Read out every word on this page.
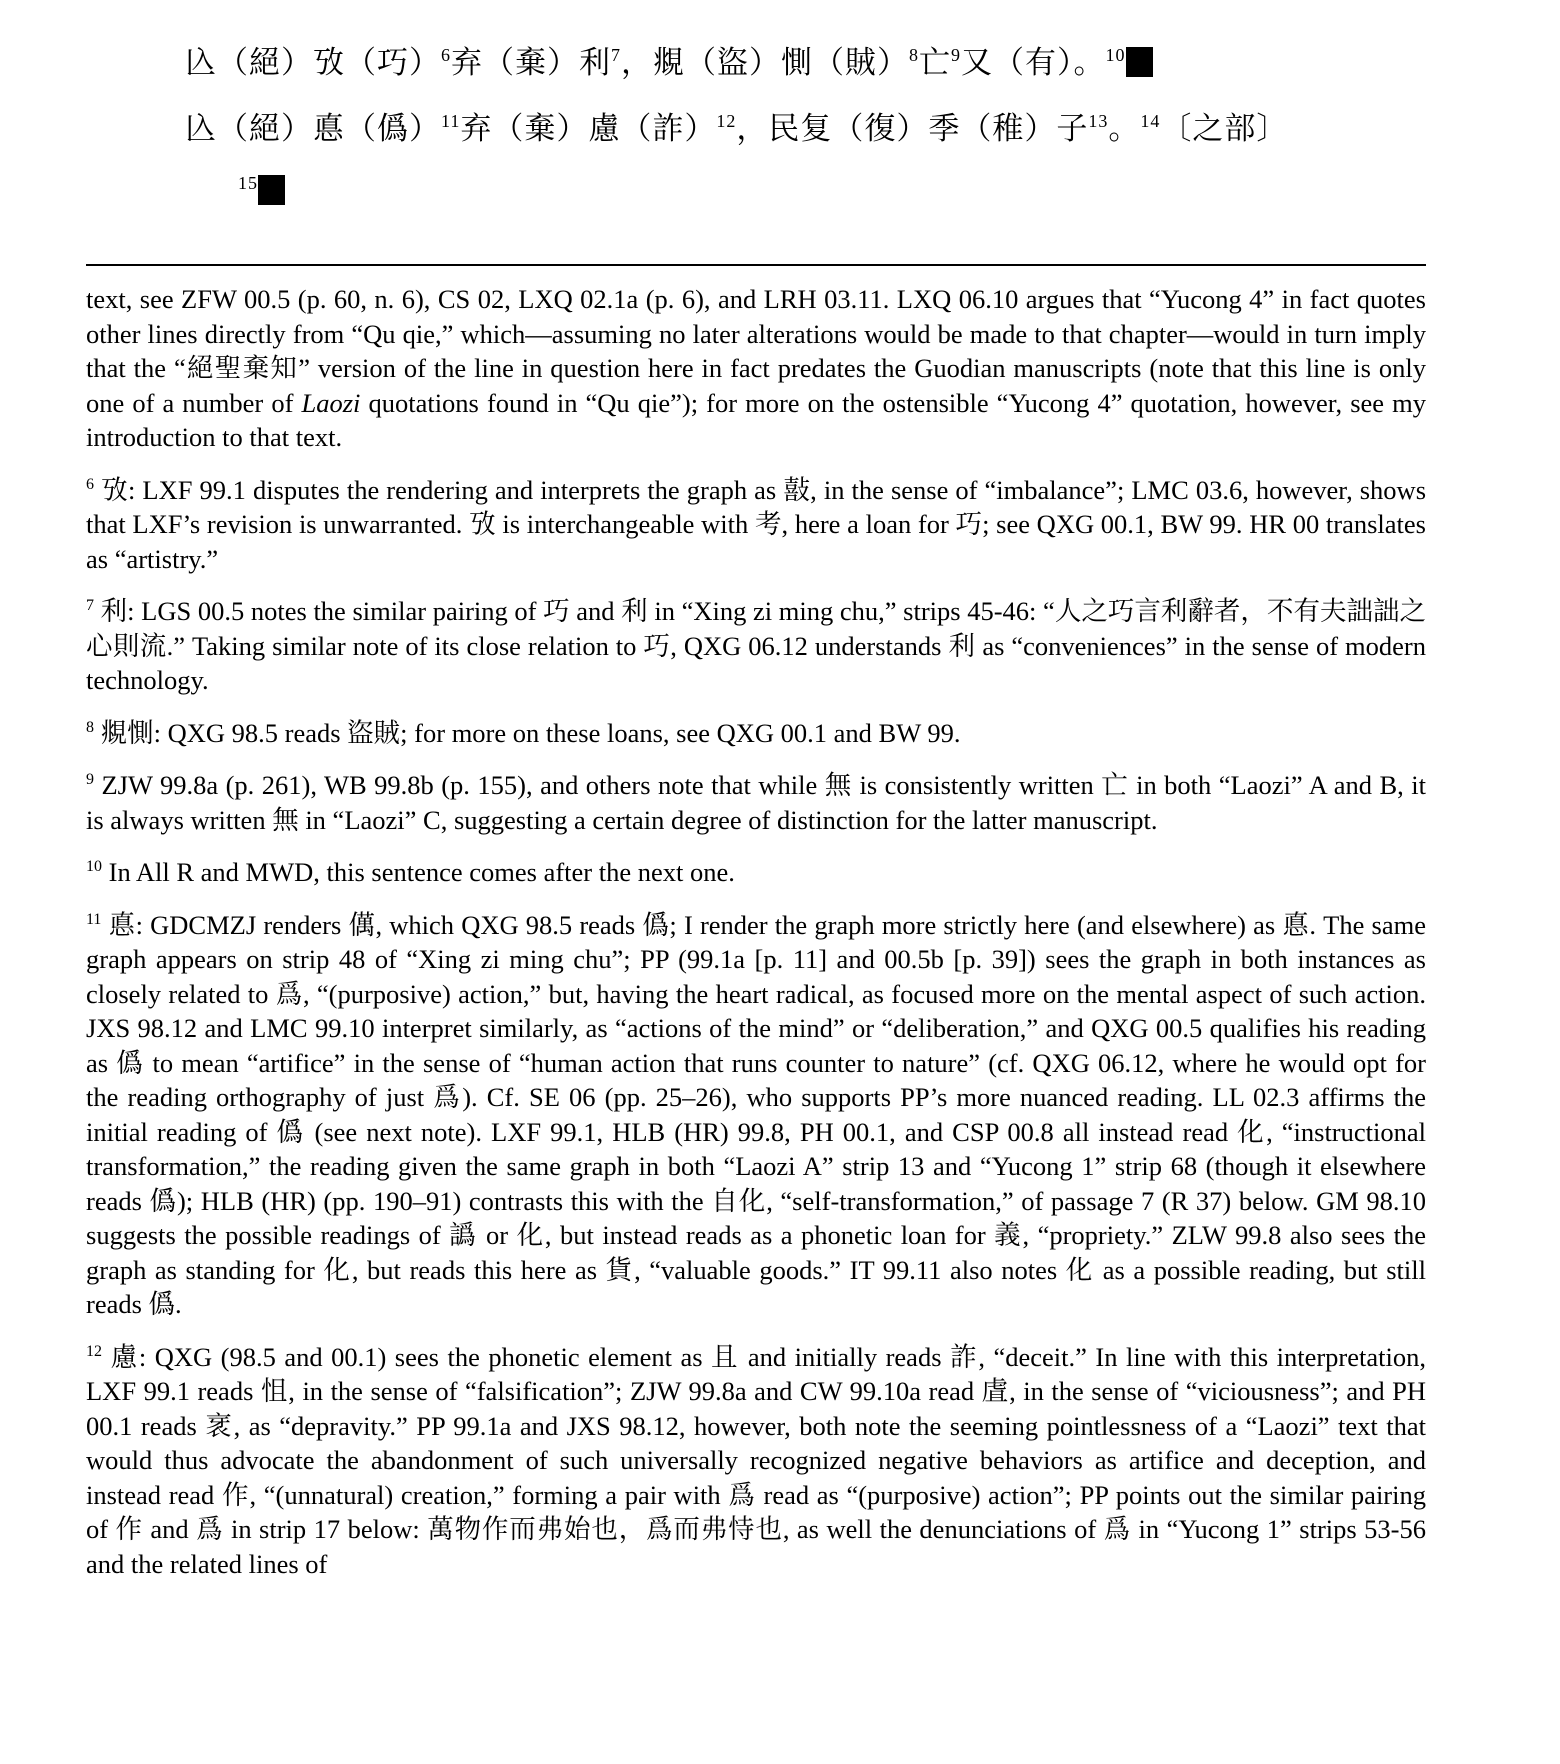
兦（絕）攷（巧）$^6$弃（棄）利$^7$，覜（盜）惻（賊）$^8$亡$^9$又（有）。$^{10}$
兦（絕）悳（僞）$^{11}$弃（棄）慮（詐）$^{12}$，民复（復）季（稚）子$^{13}$。$^{14}$〔之部〕
$^{15}$

text, see ZFW 00.5 (p. 60, n. 6), CS 02, LXQ 02.1a (p. 6), and LRH 03.11. LXQ 06.10 argues that “Yucong 4” in fact quotes other lines directly from “Qu qie,” which—assuming no later alterations would be made to that chapter—would in turn imply that the “絕聖棄知” version of the line in question here in fact predates the Guodian manuscripts (note that this line is only one of a number of Laozi quotations found in “Qu qie”); for more on the ostensible “Yucong 4” quotation, however, see my introduction to that text.

$^6$ 攷: LXF 99.1 disputes the rendering and interprets the graph as 敼, in the sense of “imbalance”; LMC 03.6, however, shows that LXF’s revision is unwarranted. 攷 is interchangeable with 考, here a loan for 巧; see QXG 00.1, BW 99. HR 00 translates as “artistry.”

$^7$ 利: LGS 00.5 notes the similar pairing of 巧 and 利 in “Xing zi ming chu,” strips 45-46: “人之巧言利辭者，不有夫詘詘之心則流.” Taking similar note of its close relation to 巧, QXG 06.12 understands 利 as “conveniences” in the sense of modern technology.

$^8$ 覜惻: QXG 98.5 reads 盜賊; for more on these loans, see QXG 00.1 and BW 99.

$^9$ ZJW 99.8a (p. 261), WB 99.8b (p. 155), and others note that while 無 is consistently written 亡 in both “Laozi” A and B, it is always written 無 in “Laozi” C, suggesting a certain degree of distinction for the latter manuscript.

$^{10}$ In All R and MWD, this sentence comes after the next one.

$^{11}$ 悳: GDCMZJ renders 㒖, which QXG 98.5 reads 僞; I render the graph more strictly here (and elsewhere) as 悳. The same graph appears on strip 48 of “Xing zi ming chu”; PP (99.1a [p. 11] and 00.5b [p. 39]) sees the graph in both instances as closely related to 爲, “(purposive) action,” but, having the heart radical, as focused more on the mental aspect of such action. JXS 98.12 and LMC 99.10 interpret similarly, as “actions of the mind” or “deliberation,” and QXG 00.5 qualifies his reading as 僞 to mean “artifice” in the sense of “human action that runs counter to nature” (cf. QXG 06.12, where he would opt for the reading orthography of just 爲). Cf. SE 06 (pp. 25–26), who supports PP’s more nuanced reading. LL 02.3 affirms the initial reading of 僞 (see next note). LXF 99.1, HLB (HR) 99.8, PH 00.1, and CSP 00.8 all instead read 化, “instructional transformation,” the reading given the same graph in both “Laozi A” strip 13 and “Yucong 1” strip 68 (though it elsewhere reads 僞); HLB (HR) (pp. 190–91) contrasts this with the 自化, “self-transformation,” of passage 7 (R 37) below. GM 98.10 suggests the possible readings of 譌 or 化, but instead reads as a phonetic loan for 義, “propriety.” ZLW 99.8 also sees the graph as standing for 化, but reads this here as 貨, “valuable goods.” IT 99.11 also notes 化 as a possible reading, but still reads 僞.

$^{12}$ 慮: QXG (98.5 and 00.1) sees the phonetic element as 且 and initially reads 詐, “deceit.” In line with this interpretation, LXF 99.1 reads 怚, in the sense of “falsification”; ZJW 99.8a and CW 99.10a read 虘, in the sense of “viciousness”; and PH 00.1 reads 衺, as “depravity.” PP 99.1a and JXS 98.12, however, both note the seeming pointlessness of a “Laozi” text that would thus advocate the abandonment of such universally recognized negative behaviors as artifice and deception, and instead read 作, “(unnatural) creation,” forming a pair with 爲 read as “(purposive) action”; PP points out the similar pairing of 作 and 爲 in strip 17 below: 萬物作而弗始也，爲而弗恃也, as well the denunciations of 爲 in “Yucong 1” strips 53-56 and the related lines of
